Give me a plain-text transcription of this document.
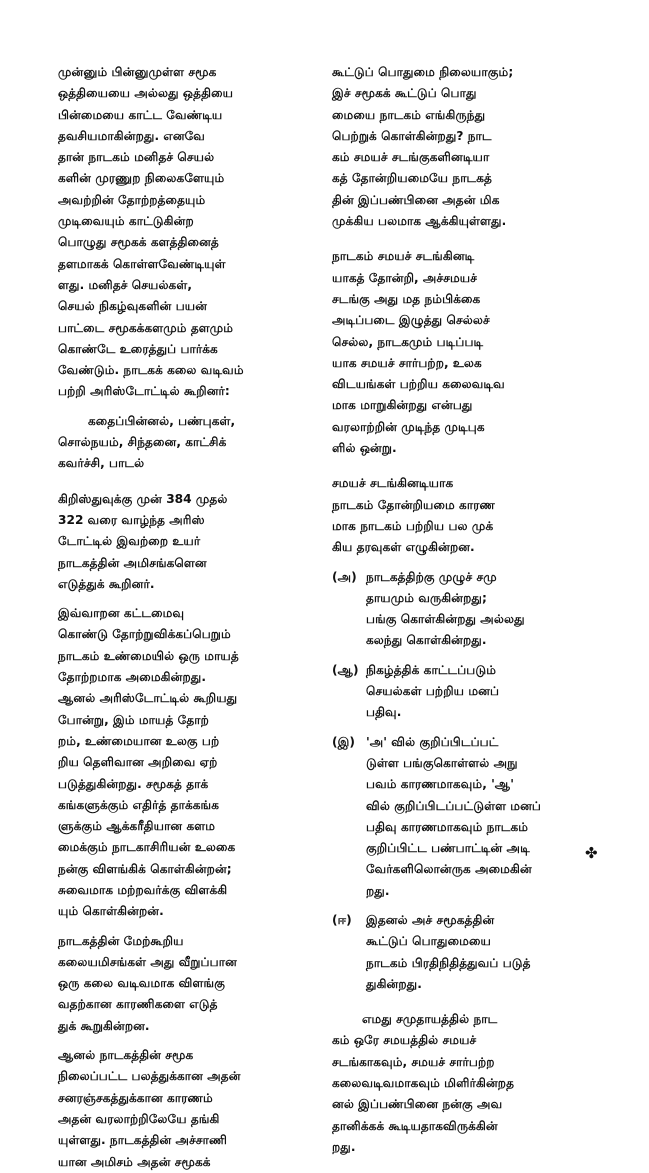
முன்னும் பின்னுமுள்ள சமூக
ஒத்தியையை அல்லது ஒத்தியை
பின்மையை காட்ட வேண்டிய
தவசியமாகின்றது. எனவே
தான் நாடகம் மனிதச் செயல்
களின் முரணுற நிலைகளேயும்
அவற்றின் தோற்றத்தையும்
முடிவையும் காட்டுகின்ற
பொழுது சமூகக் களத்தினைத்
தளமாகக் கொள்ளவேண்டியுள்
ளது. மனிதச் செயல்கள்,
செயல் நிகழ்வுகளின் பயன்
பாட்டை சமூகக்களமும் தளமும்
கொண்டே உரைத்துப் பார்க்க
வேண்டும். நாடகக் கலை வடிவம்
பற்றி அரிஸ்டோட்டில் கூறினர்:

கதைப்பின்னல், பண்புகள்,
சொல்நயம், சிந்தனை, காட்சிக்
கவர்ச்சி, பாடல்

கிறிஸ்துவுக்கு முன் 384 முதல்
322 வரை வாழ்ந்த அரிஸ்
டோட்டில் இவற்றை உயர்
நாடகத்தின் அமிசங்களென
எடுத்துக் கூறினர்.

இவ்வாறன கட்டமைவு
கொண்டு தோற்றுவிக்கப்பெறும்
நாடகம் உண்மையில் ஒரு மாயத்
தோற்றமாக அமைகின்றது.
ஆனல் அரிஸ்டோட்டில் கூறியது
போன்று, இம் மாயத் தோற்
றம், உண்மையான உலகு பற்
றிய தெளிவான அறிவை ஏற்
படுத்துகின்றது. சமூகத் தாக்
கங்களுக்கும் எதிர்த் தாக்கங்க
ளுக்கும் ஆக்கரீதியான களம
மைக்கும் நாடகாசிரியன் உலகை
நன்கு விளங்கிக் கொள்கின்றன்;
சுவைமாக மற்றவர்க்கு விளக்கி
யும் கொள்கின்றன்.

நாடகத்தின் மேற்கூறிய
கலையமிசங்கள் அது வீறுப்பான
ஒரு கலை வடிவமாக விளங்கு
வதற்கான காரணிகளை எடுத்
துக் கூறுகின்றன.

ஆனல் நாடகத்தின் சமூக
நிலைப்பட்ட பலத்துக்கான அதன்
சனரஞ்சகத்துக்கான காரணம்
அதன் வரலாற்றிலேயே தங்கி
யுள்ளது. நாடகத்தின் அச்சாணி
யான அமிசம் அதன் சமூகக்

கூட்டுப் பொதுமை நிலையாகும்;
இச் சமூகக் கூட்டுப் பொது
மையை நாடகம் எங்கிருந்து
பெற்றுக் கொள்கின்றது? நாட
கம் சமயச் சடங்குகளினடியா
கத் தோன்றியமையே நாடகத்
தின் இப்பண்பினை அதன் மிக
முக்கிய பலமாக ஆக்கியுள்ளது.

நாடகம் சமயச் சடங்கினடி
யாகத் தோன்றி, அச்சமயச்
சடங்கு அது மத நம்பிக்கை
அடிப்படை இழுத்து செல்லச்
செல்ல, நாடகமும் படிப்படி
யாக சமயச் சார்பற்ற, உலக
விடயங்கள் பற்றிய கலைவடிவ
மாக மாறுகின்றது என்பது
வரலாற்றின் முடிந்த முடிபுக
ளில் ஒன்று.

சமயச் சடங்கினடியாக
நாடகம் தோன்றியமை காரண
மாக நாடகம் பற்றிய பல முக்
கிய தரவுகள் எழுகின்றன.

(அ) நாடகத்திற்கு முழுச் சமு
தாயமும் வருகின்றது;
பங்கு கொள்கின்றது அல்லது
கலந்து கொள்கின்றது.
(ஆ) நிகழ்த்திக் காட்டப்படும்
செயல்கள் பற்றிய மனப்
பதிவு.
(இ) 'அ' வில் குறிப்பிடப்பட்
டுள்ள பங்குகொள்ளல் அநு
பவம் காரணமாகவும், 'ஆ'
வில் குறிப்பிடப்பட்டுள்ள மனப்
பதிவு காரணமாகவும் நாடகம்
குறிப்பிட்ட பண்பாட்டின் அடி
வேர்களிலொன்ருக அமைகின்
றது.
(ஈ)	இதனல் அச் சமூகத்தின்
கூட்டுப் பொதுமையை
நாடகம் பிரதிநிதித்துவப் படுத்
துகின்றது.

எமது சமுதாயத்தில் நாட
கம் ஒரே சமயத்தில் சமயச்
சடங்காகவும், சமயச் சார்பற்ற
கலைவடிவமாகவும் மிளிர்கின்றத
னல் இப்பண்பினை நன்கு அவ
தானிக்கக் கூடியதாகவிருக்கின்
றது.

✤
